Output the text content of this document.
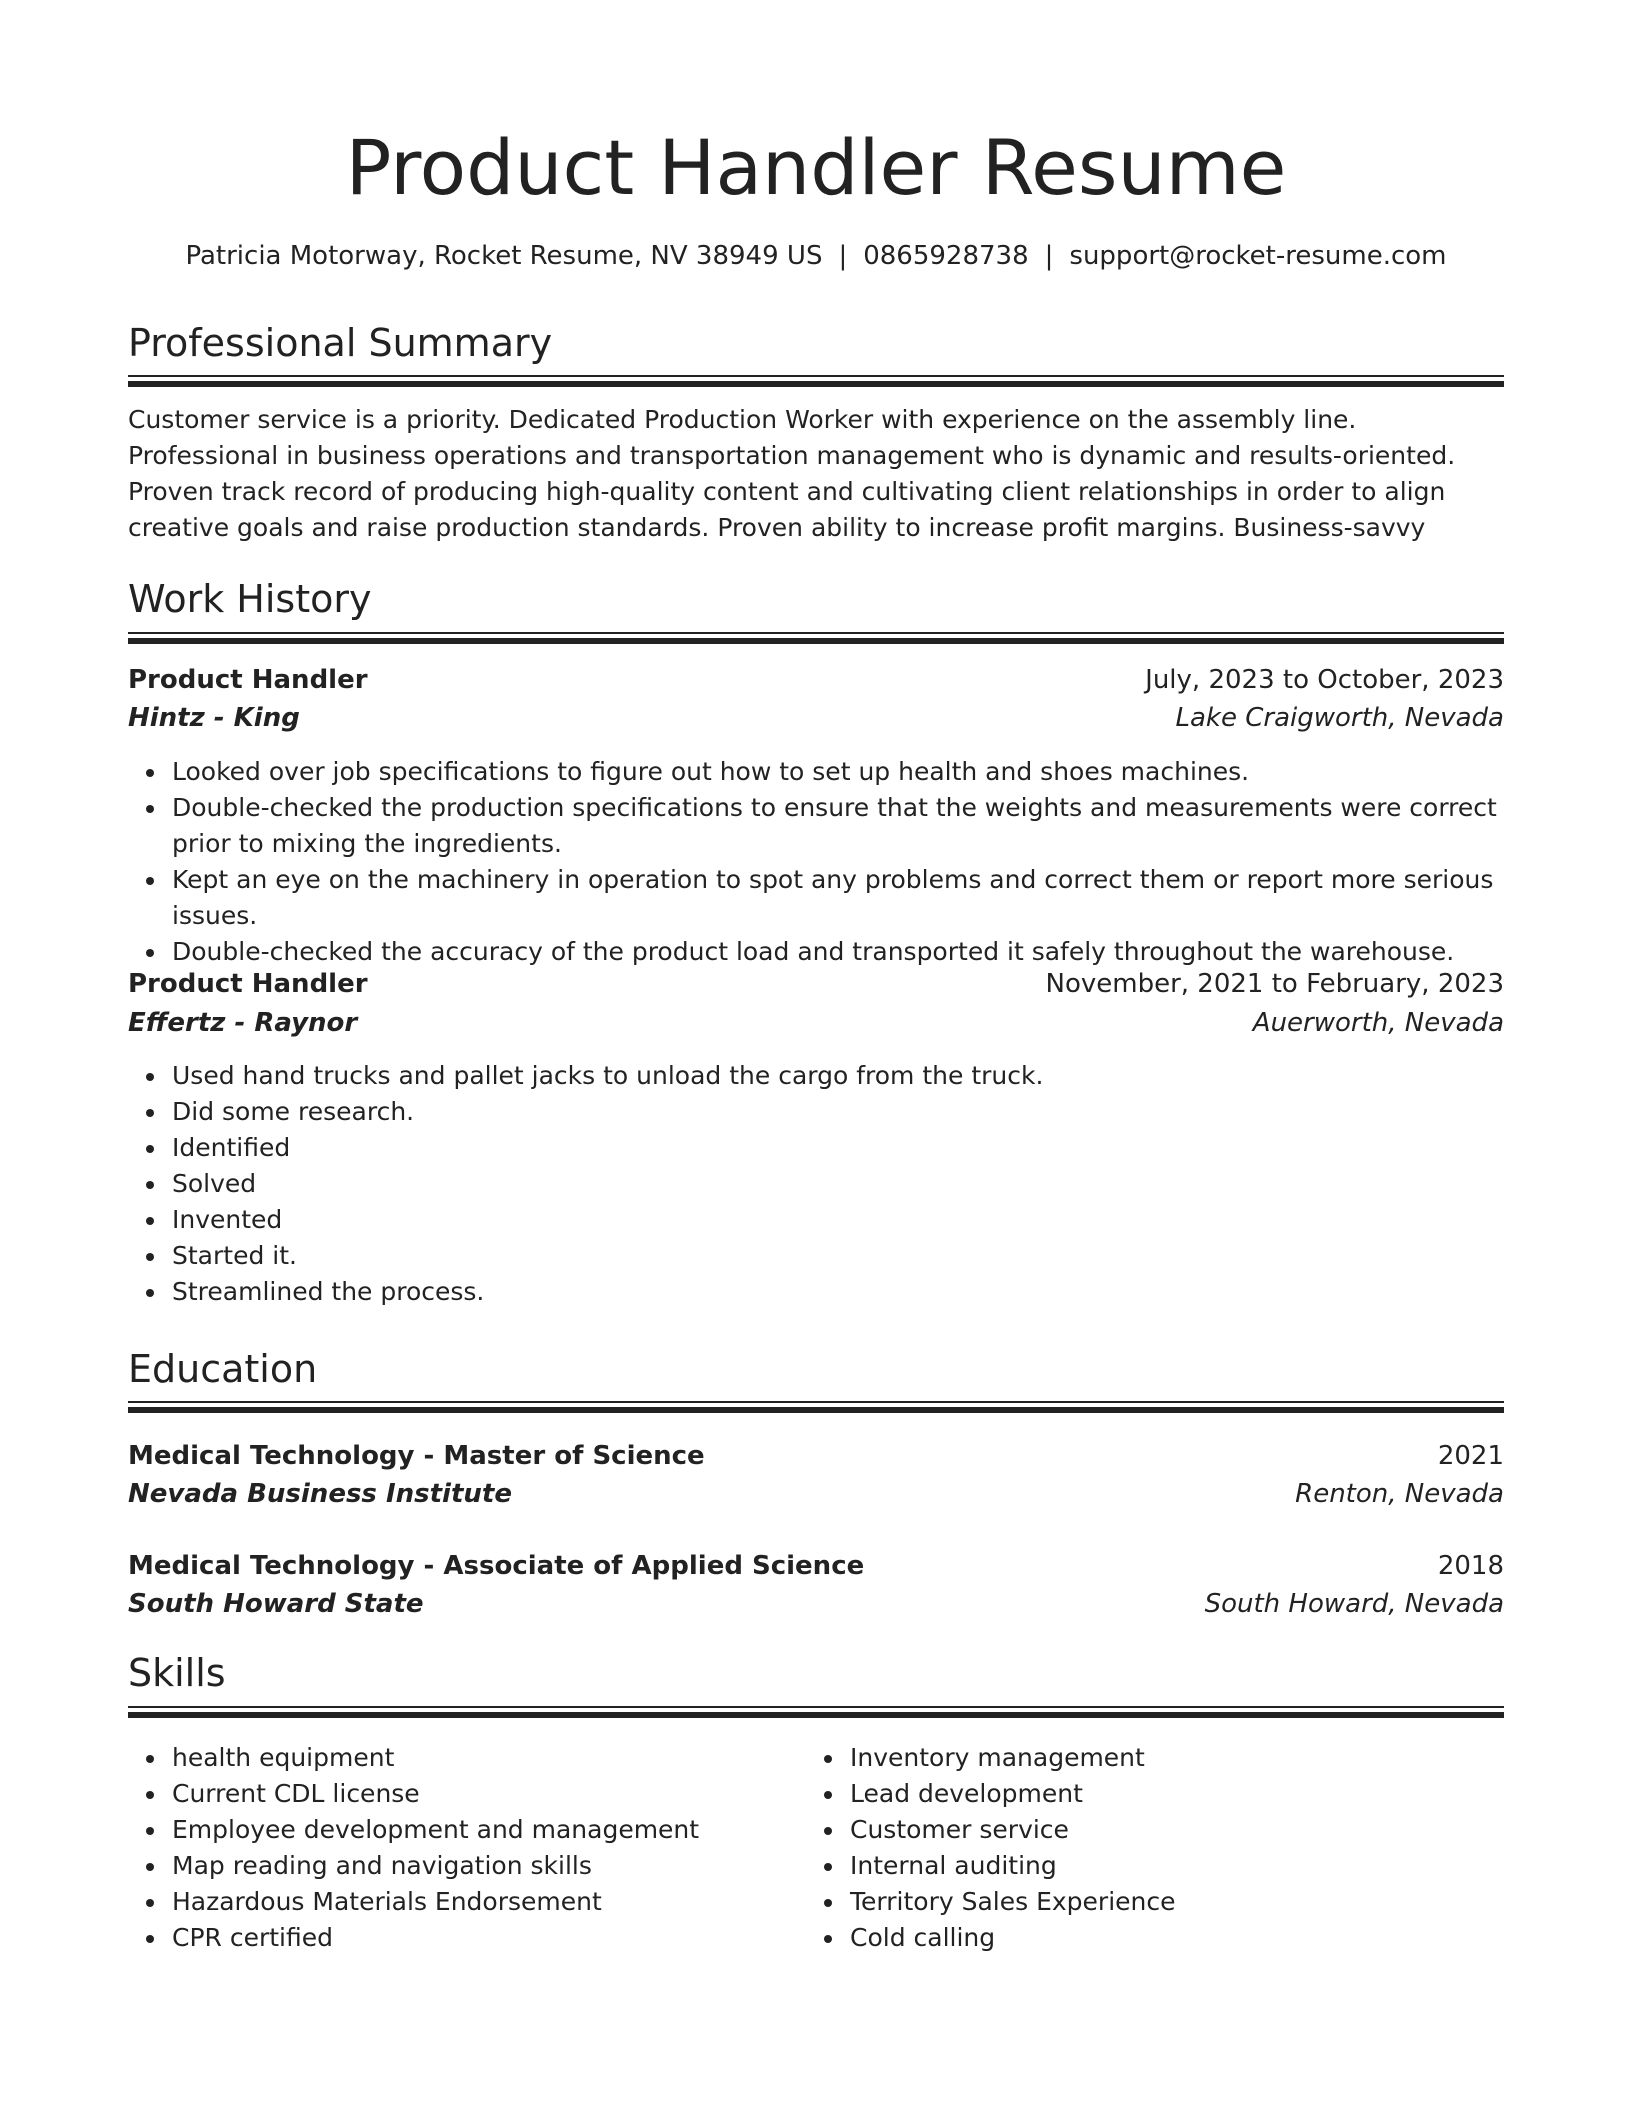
Product Handler Resume
Patricia Motorway, Rocket Resume, NV 38949 US | 0865928738 | support@rocket-resume.com
Professional Summary
Customer service is a priority. Dedicated Production Worker with experience on the assembly line. Professional in business operations and transportation management who is dynamic and results-oriented. Proven track record of producing high-quality content and cultivating client relationships in order to align creative goals and raise production standards. Proven ability to increase profit margins. Business-savvy
Work History
Product Handler	July, 2023 to October, 2023
Hintz - King	Lake Craigworth, Nevada
Looked over job specifications to figure out how to set up health and shoes machines.
Double-checked the production specifications to ensure that the weights and measurements were correct prior to mixing the ingredients.
Kept an eye on the machinery in operation to spot any problems and correct them or report more serious issues.
Double-checked the accuracy of the product load and transported it safely throughout the warehouse.
Product Handler	November, 2021 to February, 2023
Effertz - Raynor	Auerworth, Nevada
Used hand trucks and pallet jacks to unload the cargo from the truck.
Did some research.
Identified
Solved
Invented
Started it.
Streamlined the process.
Education
Medical Technology - Master of Science	2021
Nevada Business Institute	Renton, Nevada
Medical Technology - Associate of Applied Science	2018
South Howard State	South Howard, Nevada
Skills
health equipment
Current CDL license
Employee development and management
Map reading and navigation skills
Hazardous Materials Endorsement
CPR certified
Inventory management
Lead development
Customer service
Internal auditing
Territory Sales Experience
Cold calling
